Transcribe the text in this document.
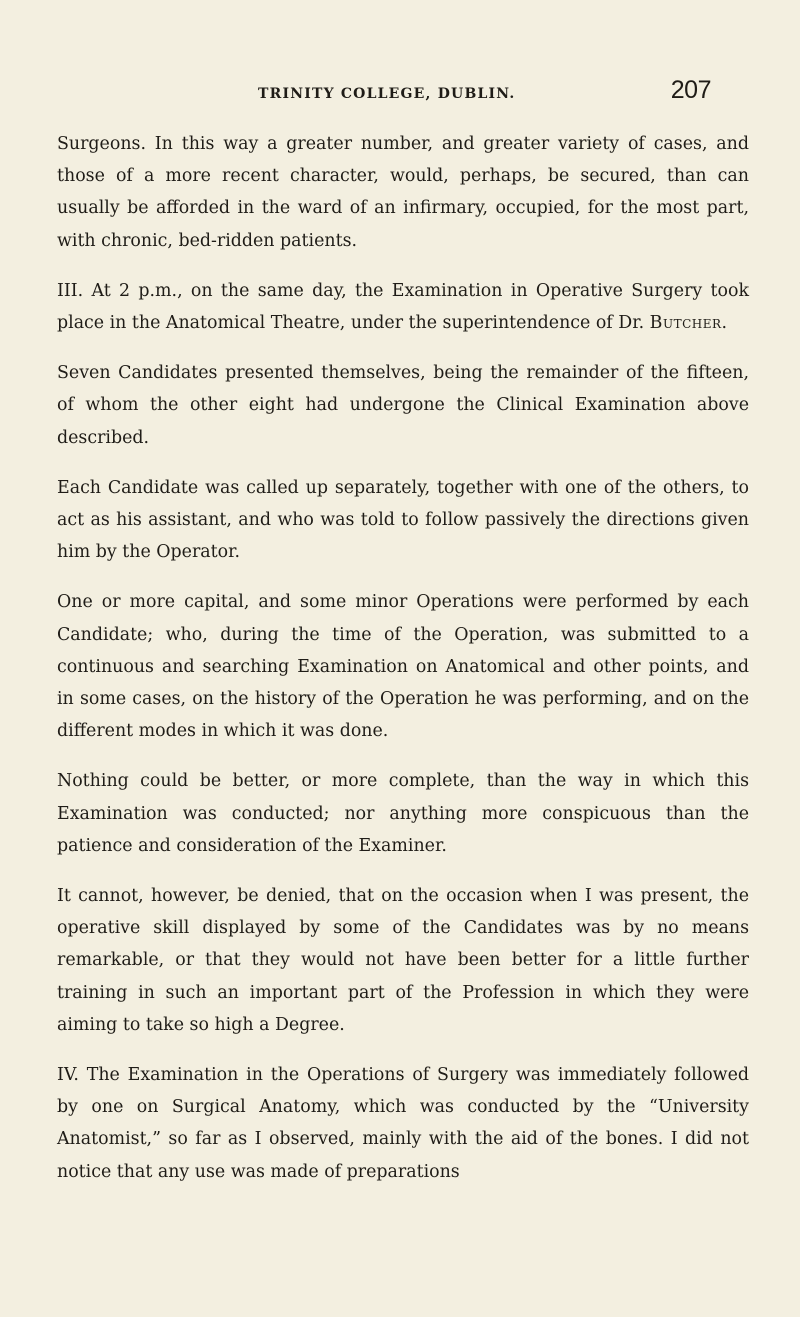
TRINITY COLLEGE, DUBLIN.	207

Surgeons. In this way a greater number, and greater variety of cases, and those of a more recent character, would, perhaps, be secured, than can usually be afforded in the ward of an infirmary, occupied, for the most part, with chronic, bed-ridden patients.

III. At 2 p.m., on the same day, the Examination in Operative Surgery took place in the Anatomical Theatre, under the superintendence of Dr. Butcher.

Seven Candidates presented themselves, being the remainder of the fifteen, of whom the other eight had undergone the Clinical Examination above described.

Each Candidate was called up separately, together with one of the others, to act as his assistant, and who was told to follow passively the directions given him by the Operator.

One or more capital, and some minor Operations were performed by each Candidate; who, during the time of the Operation, was submitted to a continuous and searching Examination on Anatomical and other points, and in some cases, on the history of the Operation he was performing, and on the different modes in which it was done.

Nothing could be better, or more complete, than the way in which this Examination was conducted; nor anything more conspicuous than the patience and consideration of the Examiner.

It cannot, however, be denied, that on the occasion when I was present, the operative skill displayed by some of the Candidates was by no means remarkable, or that they would not have been better for a little further training in such an important part of the Profession in which they were aiming to take so high a Degree.

IV. The Examination in the Operations of Surgery was immediately followed by one on Surgical Anatomy, which was conducted by the “University Anatomist,” so far as I observed, mainly with the aid of the bones. I did not notice that any use was made of preparations
